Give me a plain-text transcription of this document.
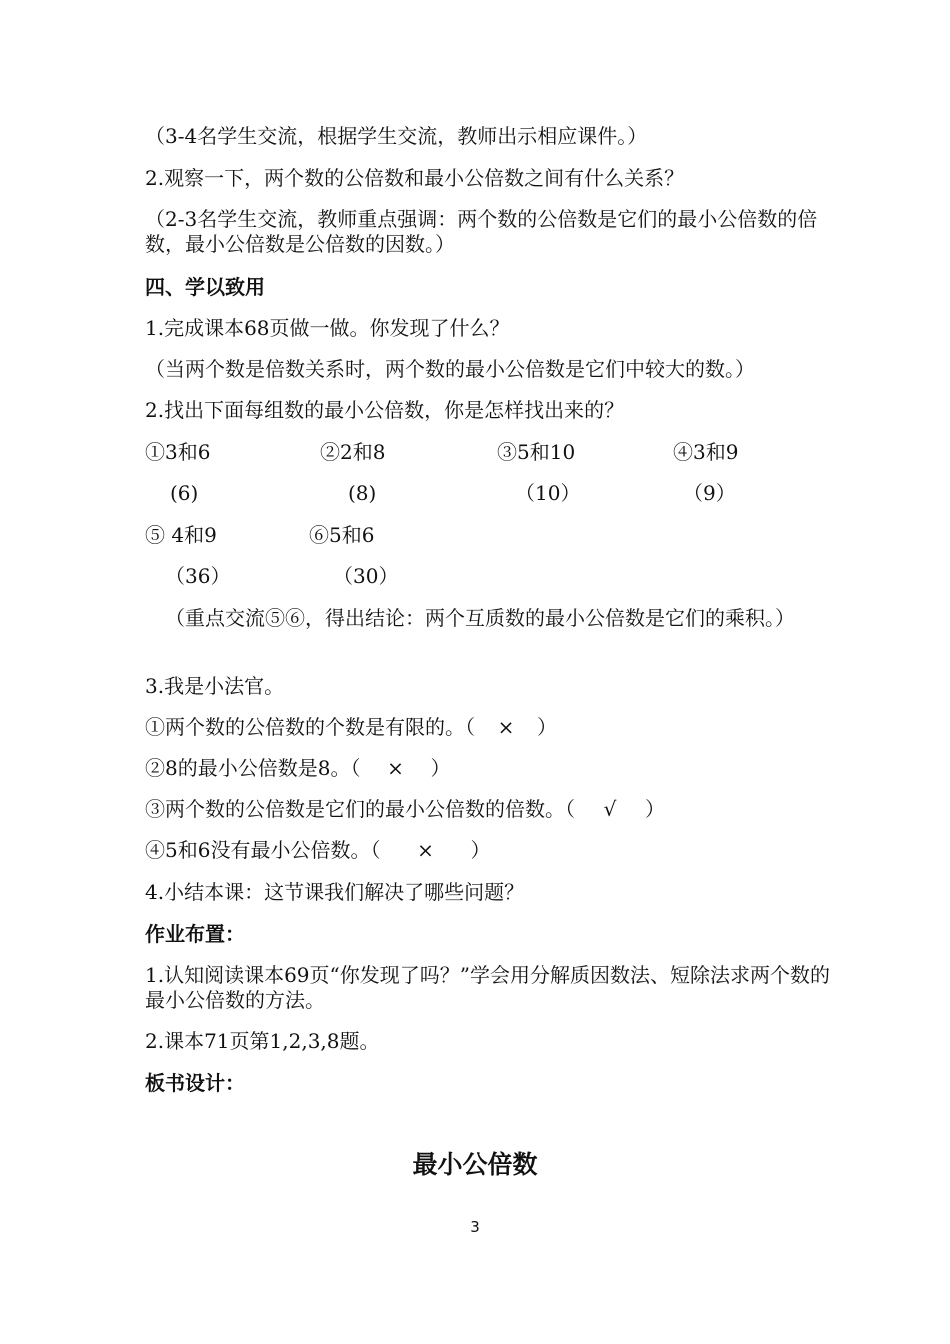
（3-4名学生交流，根据学生交流，教师出示相应课件。）
2.观察一下，两个数的公倍数和最小公倍数之间有什么关系？
（2-3名学生交流，教师重点强调：两个数的公倍数是它们的最小公倍数的倍数，最小公倍数是公倍数的因数。）
四、学以致用
1.完成课本68页做一做。你发现了什么？
（当两个数是倍数关系时，两个数的最小公倍数是它们中较大的数。）
2.找出下面每组数的最小公倍数，你是怎样找出来的？
①3和6	②2和8	③5和10	④3和9
(6)	(8)	（10）	（9）
⑤ 4和9	⑥5和6
（36）	（30）
（重点交流⑤⑥，得出结论：两个互质数的最小公倍数是它们的乘积。）
3.我是小法官。
①两个数的公倍数的个数是有限的。（ × ）
②8的最小公倍数是8。（ × ）
③两个数的公倍数是它们的最小公倍数的倍数。（ √ ）
④5和6没有最小公倍数。（ × ）
4.小结本课：这节课我们解决了哪些问题？
作业布置：
1.认知阅读课本69页“你发现了吗？”学会用分解质因数法、短除法求两个数的最小公倍数的方法。
2.课本71页第1,2,3,8题。
板书设计：
最小公倍数
3
